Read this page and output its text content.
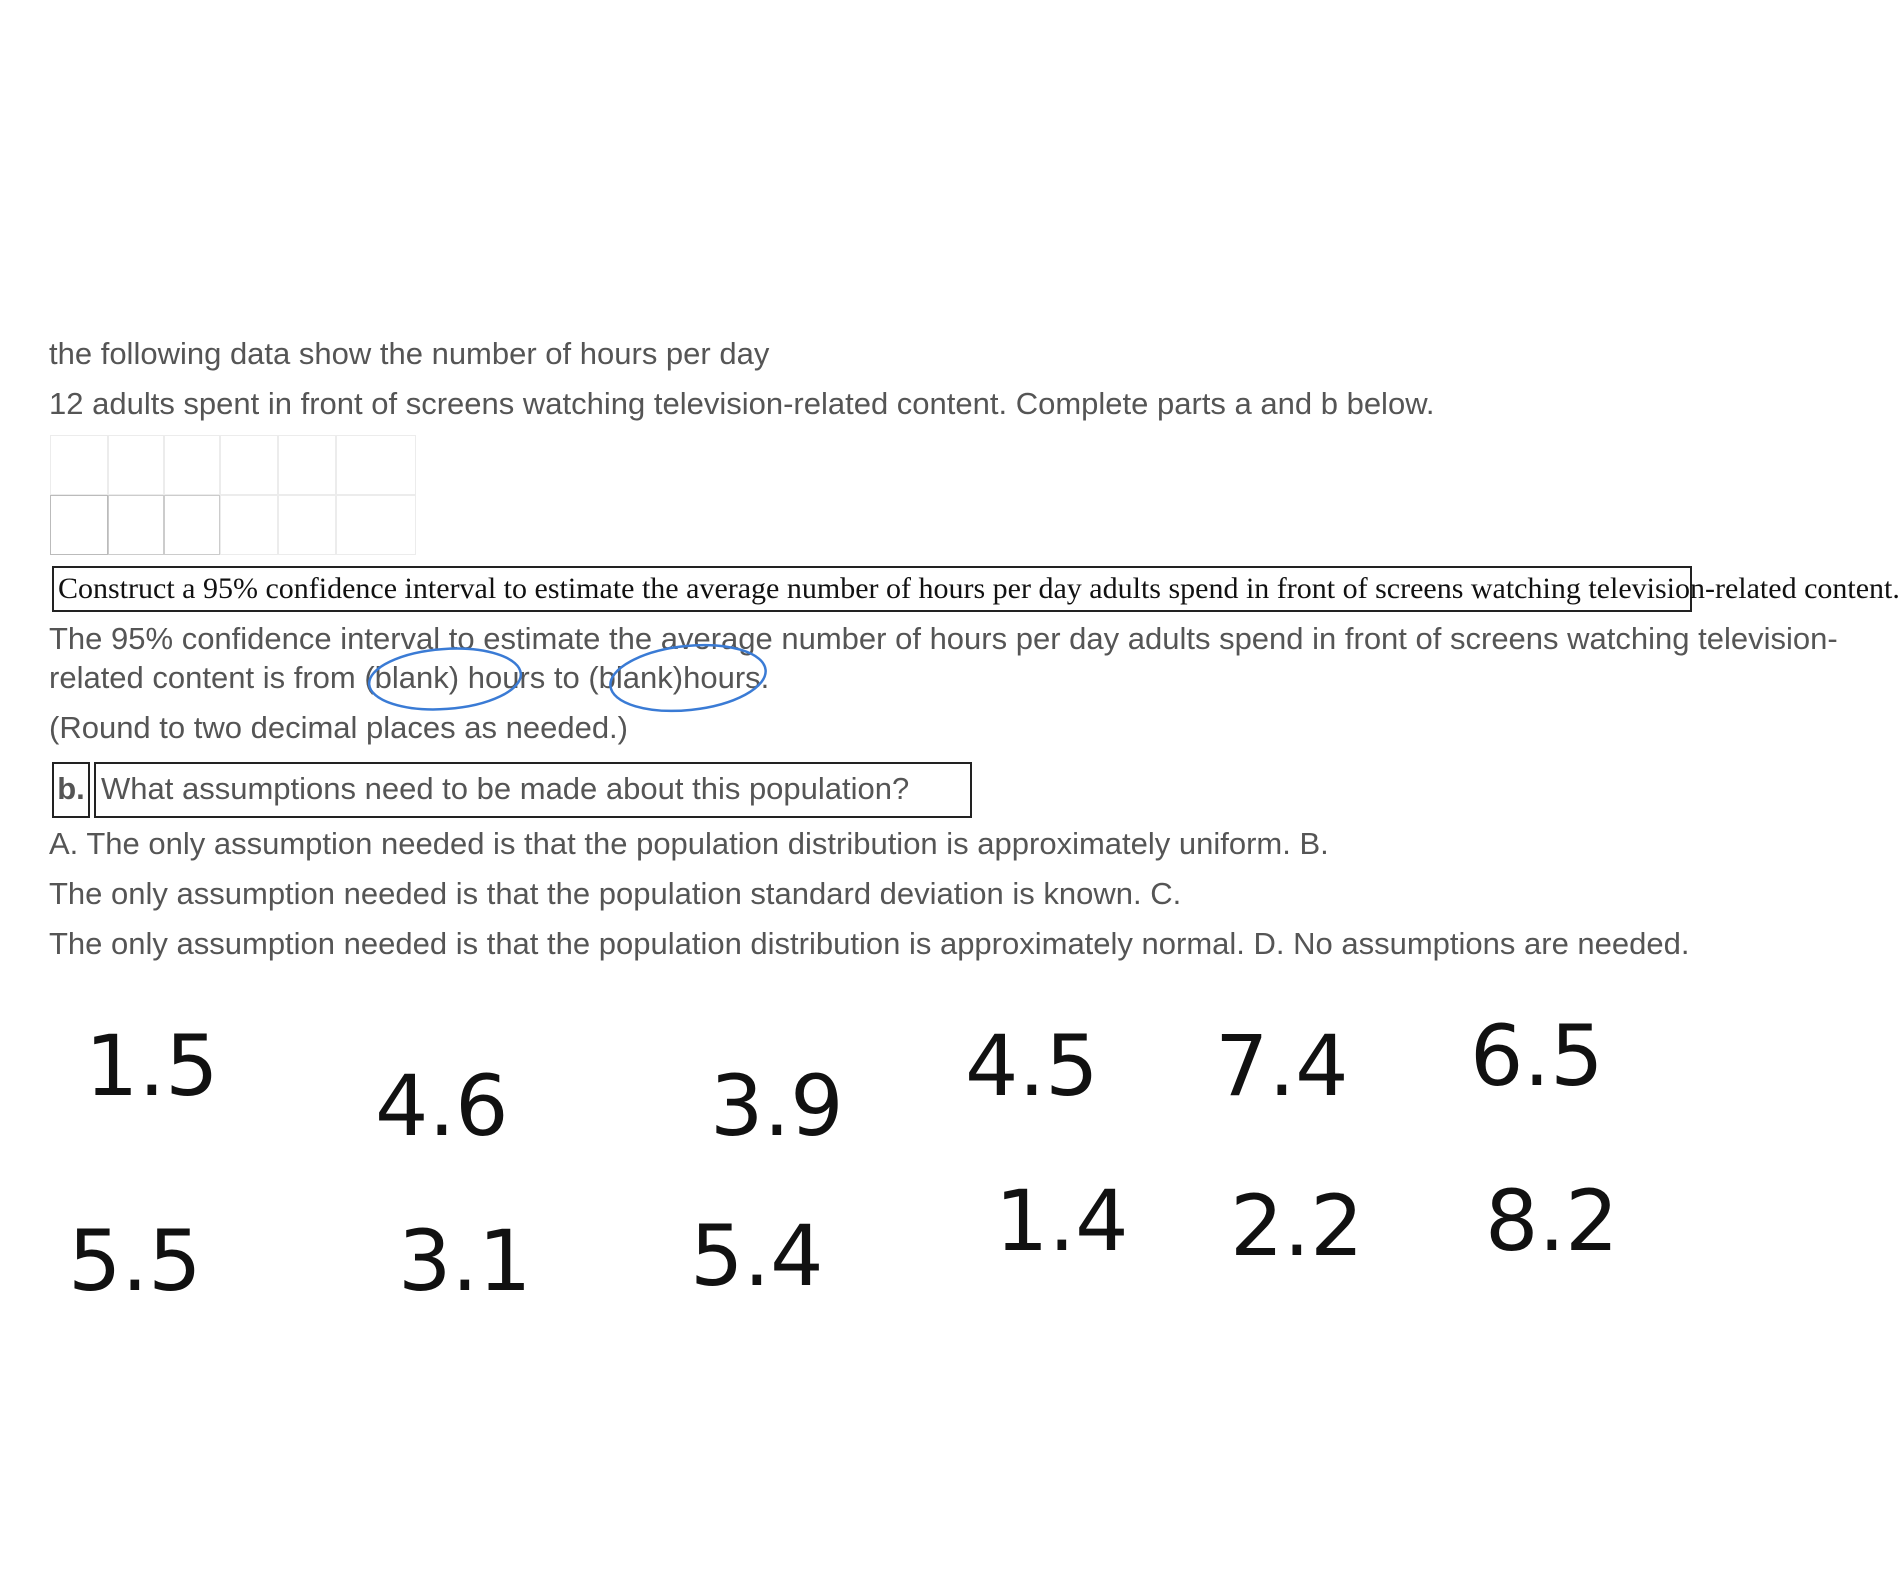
the following data show the number of hours per day
12 adults spent in front of screens watching television-related content. Complete parts a and b below.
Construct a 95% confidence interval to estimate the average number of hours per day adults spend in front of screens watching television-related content.
The 95% confidence interval to estimate the average number of hours per day adults spend in front of screens watching television-
related content is from (blank) hours to (blank)hours.
(Round to two decimal places as needed.)
b. What assumptions need to be made about this population?
A. The only assumption needed is that the population distribution is approximately uniform. B.
The only assumption needed is that the population standard deviation is known. C.
The only assumption needed is that the population distribution is approximately normal. D. No assumptions are needed.
1.5 4.6 3.9 4.5 7.4 6.5
5.5 3.1 5.4 1.4 2.2 8.2
